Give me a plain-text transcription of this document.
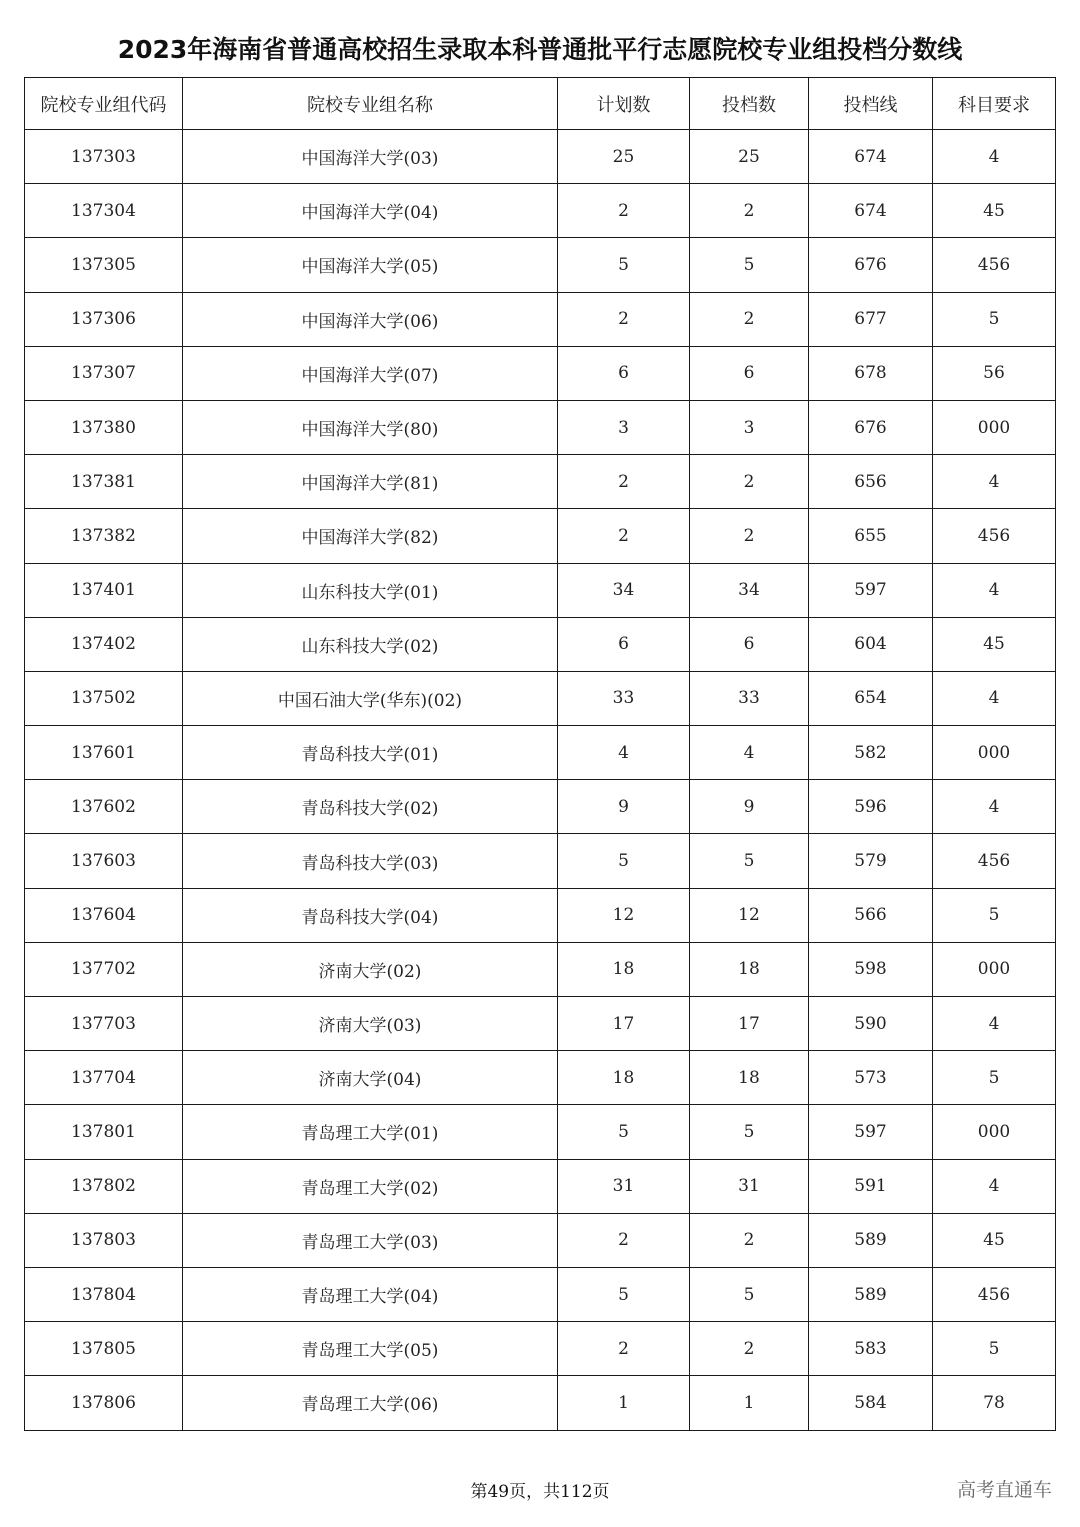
2023年海南省普通高校招生录取本科普通批平行志愿院校专业组投档分数线
院校专业组代码	院校专业组名称	计划数	投档数	投档线	科目要求
137303	中国海洋大学(03)	25	25	674	4
137304	中国海洋大学(04)	2	2	674	45
137305	中国海洋大学(05)	5	5	676	456
137306	中国海洋大学(06)	2	2	677	5
137307	中国海洋大学(07)	6	6	678	56
137380	中国海洋大学(80)	3	3	676	000
137381	中国海洋大学(81)	2	2	656	4
137382	中国海洋大学(82)	2	2	655	456
137401	山东科技大学(01)	34	34	597	4
137402	山东科技大学(02)	6	6	604	45
137502	中国石油大学(华东)(02)	33	33	654	4
137601	青岛科技大学(01)	4	4	582	000
137602	青岛科技大学(02)	9	9	596	4
137603	青岛科技大学(03)	5	5	579	456
137604	青岛科技大学(04)	12	12	566	5
137702	济南大学(02)	18	18	598	000
137703	济南大学(03)	17	17	590	4
137704	济南大学(04)	18	18	573	5
137801	青岛理工大学(01)	5	5	597	000
137802	青岛理工大学(02)	31	31	591	4
137803	青岛理工大学(03)	2	2	589	45
137804	青岛理工大学(04)	5	5	589	456
137805	青岛理工大学(05)	2	2	583	5
137806	青岛理工大学(06)	1	1	584	78
第49页，共112页	高考直通车
